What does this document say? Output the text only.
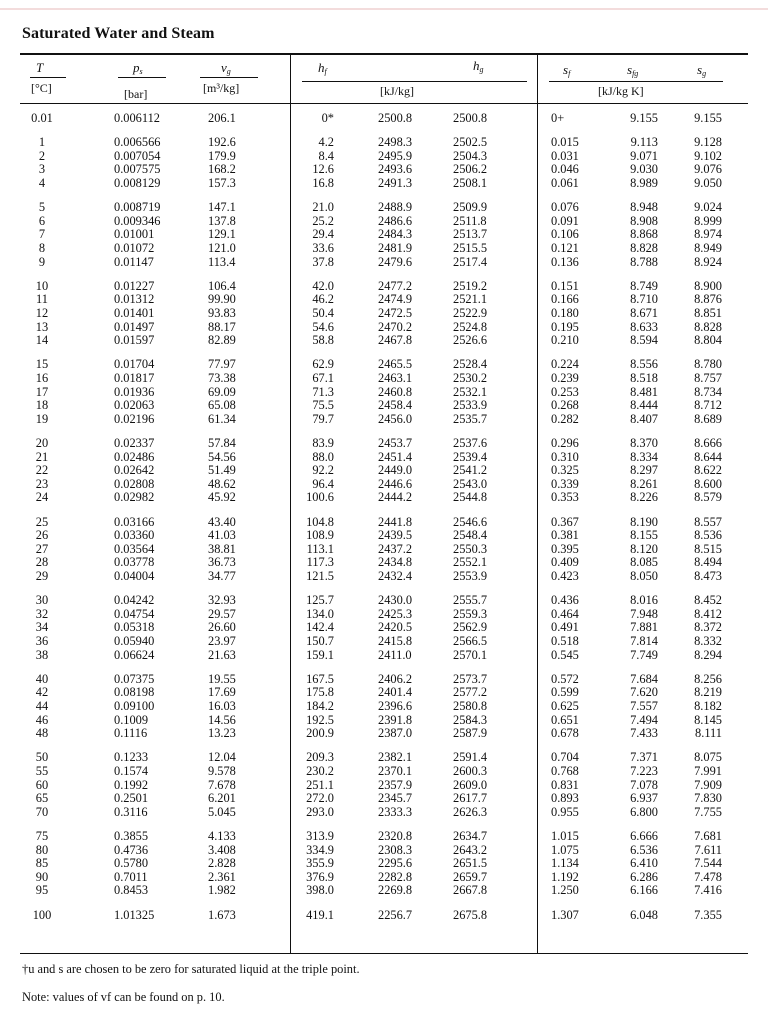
Saturated Water and Steam
T
[°C]
$p_s$
[bar]
$v_g$
[m³/kg]
$h_f$	$h_g$
[kJ/kg]
$s_f$	$s_{fg}$	$s_g$
[kJ/kg K]
0.01	0.006112	206.1	0*	2500.8	2500.8	0+	9.155	9.155
1	0.006566	192.6	4.2	2498.3	2502.5	0.015	9.113	9.128
2	0.007054	179.9	8.4	2495.9	2504.3	0.031	9.071	9.102
3	0.007575	168.2	12.6	2493.6	2506.2	0.046	9.030	9.076
4	0.008129	157.3	16.8	2491.3	2508.1	0.061	8.989	9.050
5	0.008719	147.1	21.0	2488.9	2509.9	0.076	8.948	9.024
6	0.009346	137.8	25.2	2486.6	2511.8	0.091	8.908	8.999
7	0.01001	129.1	29.4	2484.3	2513.7	0.106	8.868	8.974
8	0.01072	121.0	33.6	2481.9	2515.5	0.121	8.828	8.949
9	0.01147	113.4	37.8	2479.6	2517.4	0.136	8.788	8.924
10	0.01227	106.4	42.0	2477.2	2519.2	0.151	8.749	8.900
11	0.01312	99.90	46.2	2474.9	2521.1	0.166	8.710	8.876
12	0.01401	93.83	50.4	2472.5	2522.9	0.180	8.671	8.851
13	0.01497	88.17	54.6	2470.2	2524.8	0.195	8.633	8.828
14	0.01597	82.89	58.8	2467.8	2526.6	0.210	8.594	8.804
15	0.01704	77.97	62.9	2465.5	2528.4	0.224	8.556	8.780
16	0.01817	73.38	67.1	2463.1	2530.2	0.239	8.518	8.757
17	0.01936	69.09	71.3	2460.8	2532.1	0.253	8.481	8.734
18	0.02063	65.08	75.5	2458.4	2533.9	0.268	8.444	8.712
19	0.02196	61.34	79.7	2456.0	2535.7	0.282	8.407	8.689
20	0.02337	57.84	83.9	2453.7	2537.6	0.296	8.370	8.666
21	0.02486	54.56	88.0	2451.4	2539.4	0.310	8.334	8.644
22	0.02642	51.49	92.2	2449.0	2541.2	0.325	8.297	8.622
23	0.02808	48.62	96.4	2446.6	2543.0	0.339	8.261	8.600
24	0.02982	45.92	100.6	2444.2	2544.8	0.353	8.226	8.579
25	0.03166	43.40	104.8	2441.8	2546.6	0.367	8.190	8.557
26	0.03360	41.03	108.9	2439.5	2548.4	0.381	8.155	8.536
27	0.03564	38.81	113.1	2437.2	2550.3	0.395	8.120	8.515
28	0.03778	36.73	117.3	2434.8	2552.1	0.409	8.085	8.494
29	0.04004	34.77	121.5	2432.4	2553.9	0.423	8.050	8.473
30	0.04242	32.93	125.7	2430.0	2555.7	0.436	8.016	8.452
32	0.04754	29.57	134.0	2425.3	2559.3	0.464	7.948	8.412
34	0.05318	26.60	142.4	2420.5	2562.9	0.491	7.881	8.372
36	0.05940	23.97	150.7	2415.8	2566.5	0.518	7.814	8.332
38	0.06624	21.63	159.1	2411.0	2570.1	0.545	7.749	8.294
40	0.07375	19.55	167.5	2406.2	2573.7	0.572	7.684	8.256
42	0.08198	17.69	175.8	2401.4	2577.2	0.599	7.620	8.219
44	0.09100	16.03	184.2	2396.6	2580.8	0.625	7.557	8.182
46	0.1009	14.56	192.5	2391.8	2584.3	0.651	7.494	8.145
48	0.1116	13.23	200.9	2387.0	2587.9	0.678	7.433	8.111
50	0.1233	12.04	209.3	2382.1	2591.4	0.704	7.371	8.075
55	0.1574	9.578	230.2	2370.1	2600.3	0.768	7.223	7.991
60	0.1992	7.678	251.1	2357.9	2609.0	0.831	7.078	7.909
65	0.2501	6.201	272.0	2345.7	2617.7	0.893	6.937	7.830
70	0.3116	5.045	293.0	2333.3	2626.3	0.955	6.800	7.755
75	0.3855	4.133	313.9	2320.8	2634.7	1.015	6.666	7.681
80	0.4736	3.408	334.9	2308.3	2643.2	1.075	6.536	7.611
85	0.5780	2.828	355.9	2295.6	2651.5	1.134	6.410	7.544
90	0.7011	2.361	376.9	2282.8	2659.7	1.192	6.286	7.478
95	0.8453	1.982	398.0	2269.8	2667.8	1.250	6.166	7.416
100	1.01325	1.673	419.1	2256.7	2675.8	1.307	6.048	7.355
†u and s are chosen to be zero for saturated liquid at the triple point.
Note: values of vf can be found on p. 10.
